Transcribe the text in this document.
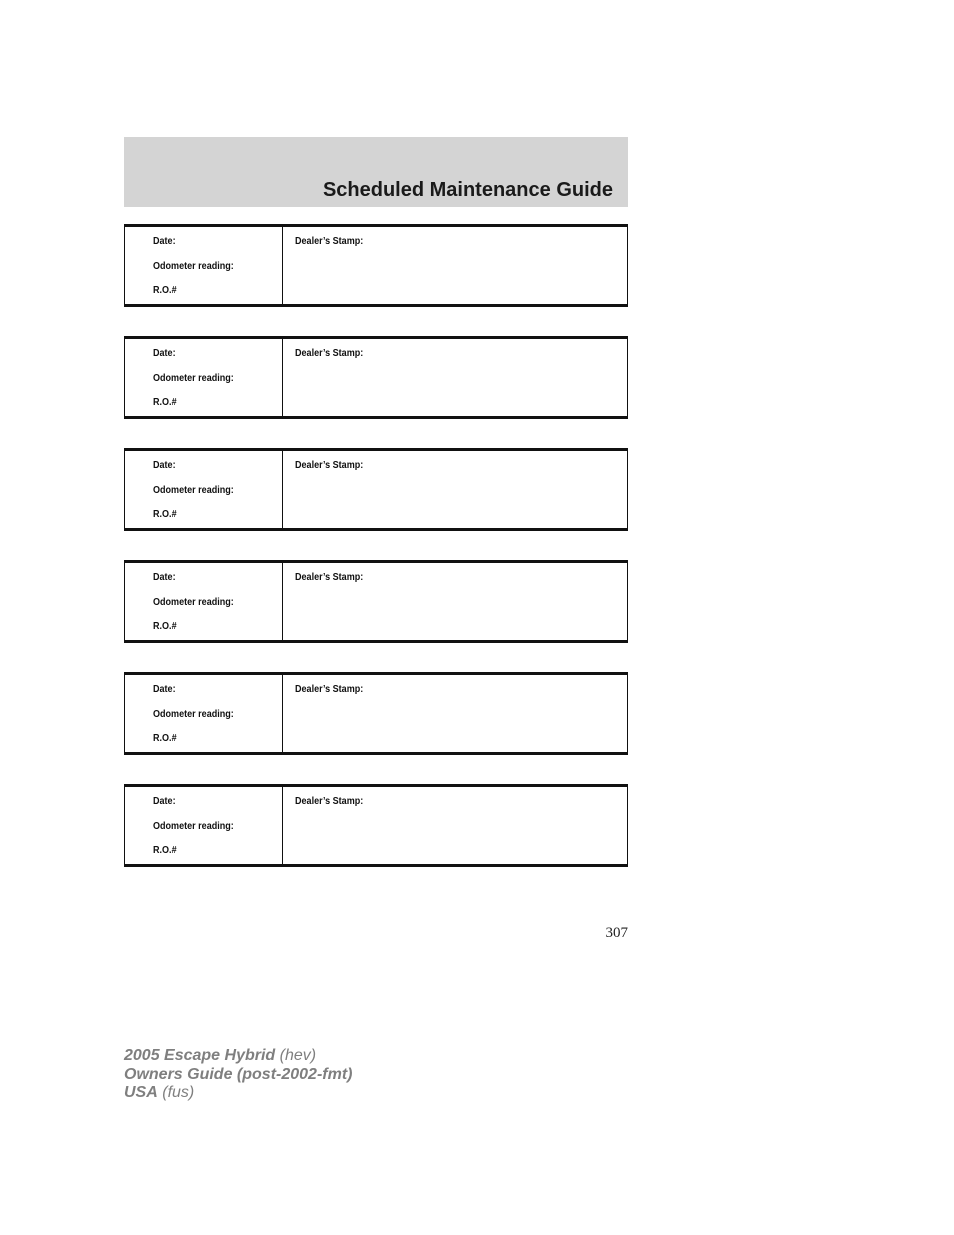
Scheduled Maintenance Guide
Date:
Odometer reading:
R.O.#
Dealer’s Stamp:
Date:
Odometer reading:
R.O.#
Dealer’s Stamp:
Date:
Odometer reading:
R.O.#
Dealer’s Stamp:
Date:
Odometer reading:
R.O.#
Dealer’s Stamp:
Date:
Odometer reading:
R.O.#
Dealer’s Stamp:
Date:
Odometer reading:
R.O.#
Dealer’s Stamp:
307
2005 Escape Hybrid (hev)
Owners Guide (post-2002-fmt)
USA (fus)
